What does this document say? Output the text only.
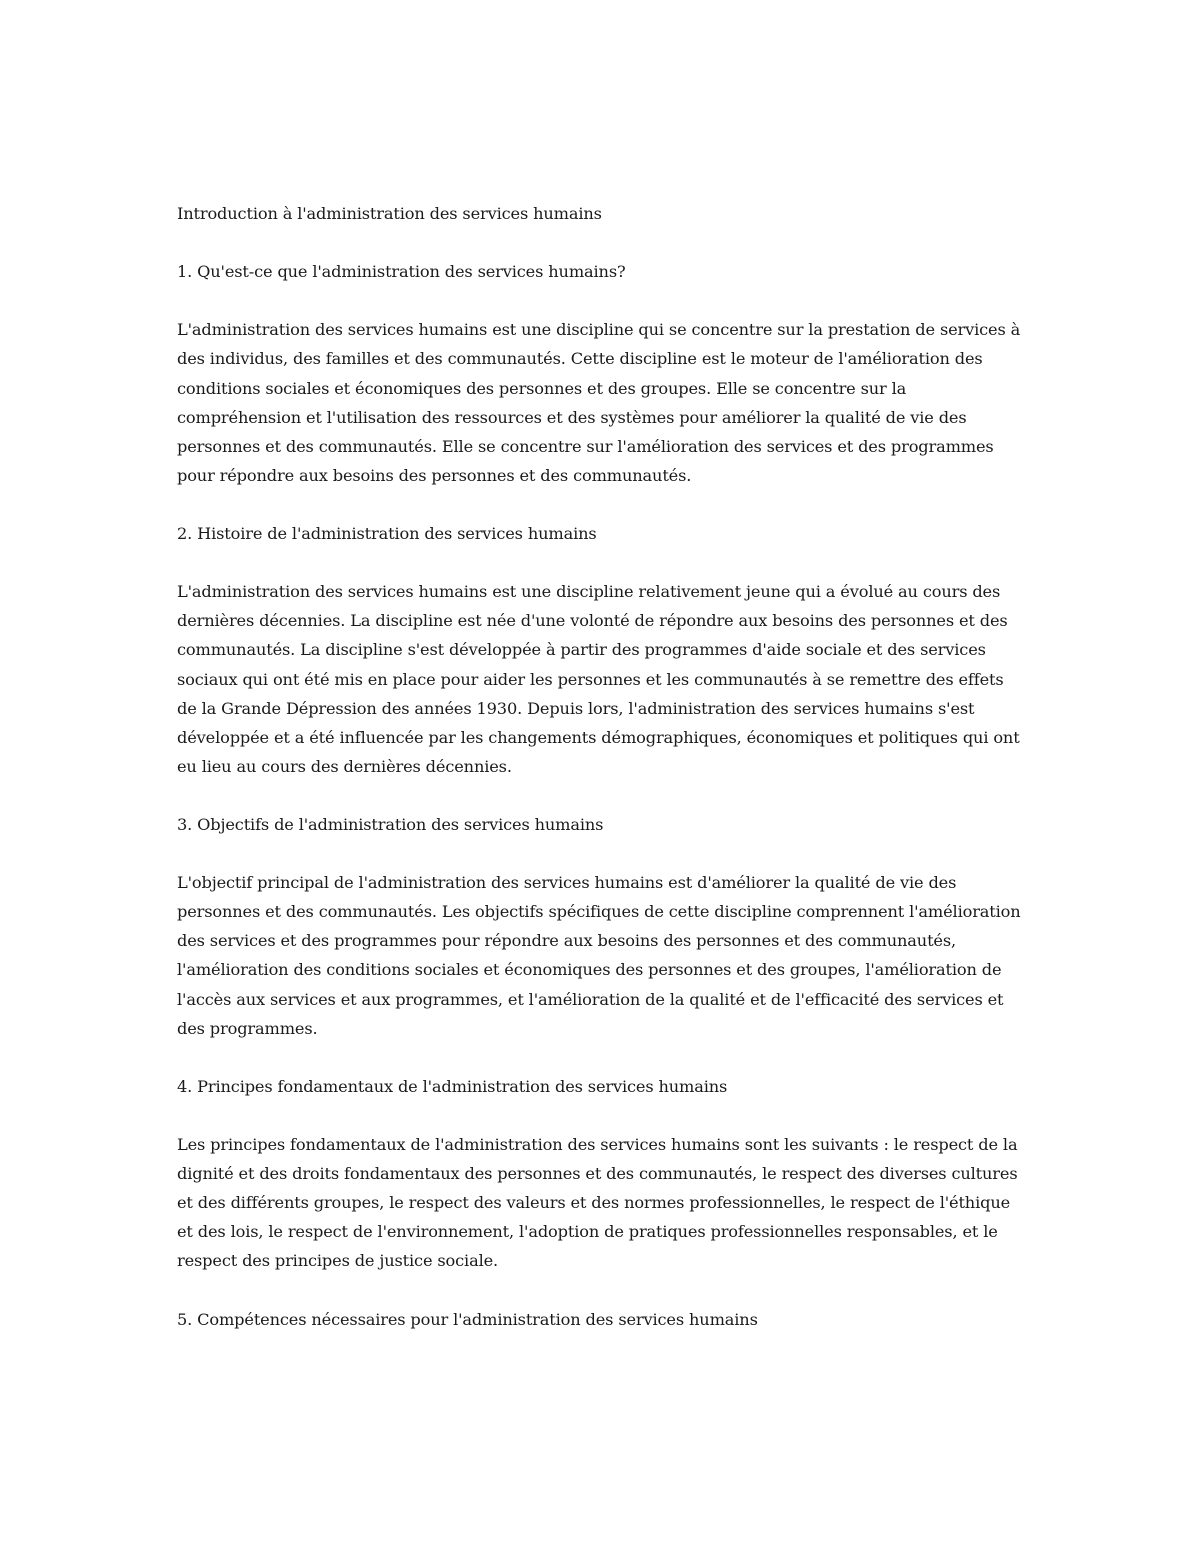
Introduction à l'administration des services humains
1. Qu'est-ce que l'administration des services humains?

L'administration des services humains est une discipline qui se concentre sur la prestation de services à des individus, des familles et des communautés. Cette discipline est le moteur de l'amélioration des conditions sociales et économiques des personnes et des groupes. Elle se concentre sur la compréhension et l'utilisation des ressources et des systèmes pour améliorer la qualité de vie des personnes et des communautés. Elle se concentre sur l'amélioration des services et des programmes pour répondre aux besoins des personnes et des communautés.

2. Histoire de l'administration des services humains

L'administration des services humains est une discipline relativement jeune qui a évolué au cours des dernières décennies. La discipline est née d'une volonté de répondre aux besoins des personnes et des communautés. La discipline s'est développée à partir des programmes d'aide sociale et des services sociaux qui ont été mis en place pour aider les personnes et les communautés à se remettre des effets de la Grande Dépression des années 1930. Depuis lors, l'administration des services humains s'est développée et a été influencée par les changements démographiques, économiques et politiques qui ont eu lieu au cours des dernières décennies.

3. Objectifs de l'administration des services humains

L'objectif principal de l'administration des services humains est d'améliorer la qualité de vie des personnes et des communautés. Les objectifs spécifiques de cette discipline comprennent l'amélioration des services et des programmes pour répondre aux besoins des personnes et des communautés, l'amélioration des conditions sociales et économiques des personnes et des groupes, l'amélioration de l'accès aux services et aux programmes, et l'amélioration de la qualité et de l'efficacité des services et des programmes.

4. Principes fondamentaux de l'administration des services humains

Les principes fondamentaux de l'administration des services humains sont les suivants : le respect de la dignité et des droits fondamentaux des personnes et des communautés, le respect des diverses cultures et des différents groupes, le respect des valeurs et des normes professionnelles, le respect de l'éthique et des lois, le respect de l'environnement, l'adoption de pratiques professionnelles responsables, et le respect des principes de justice sociale.

5. Compétences nécessaires pour l'administration des services humains
